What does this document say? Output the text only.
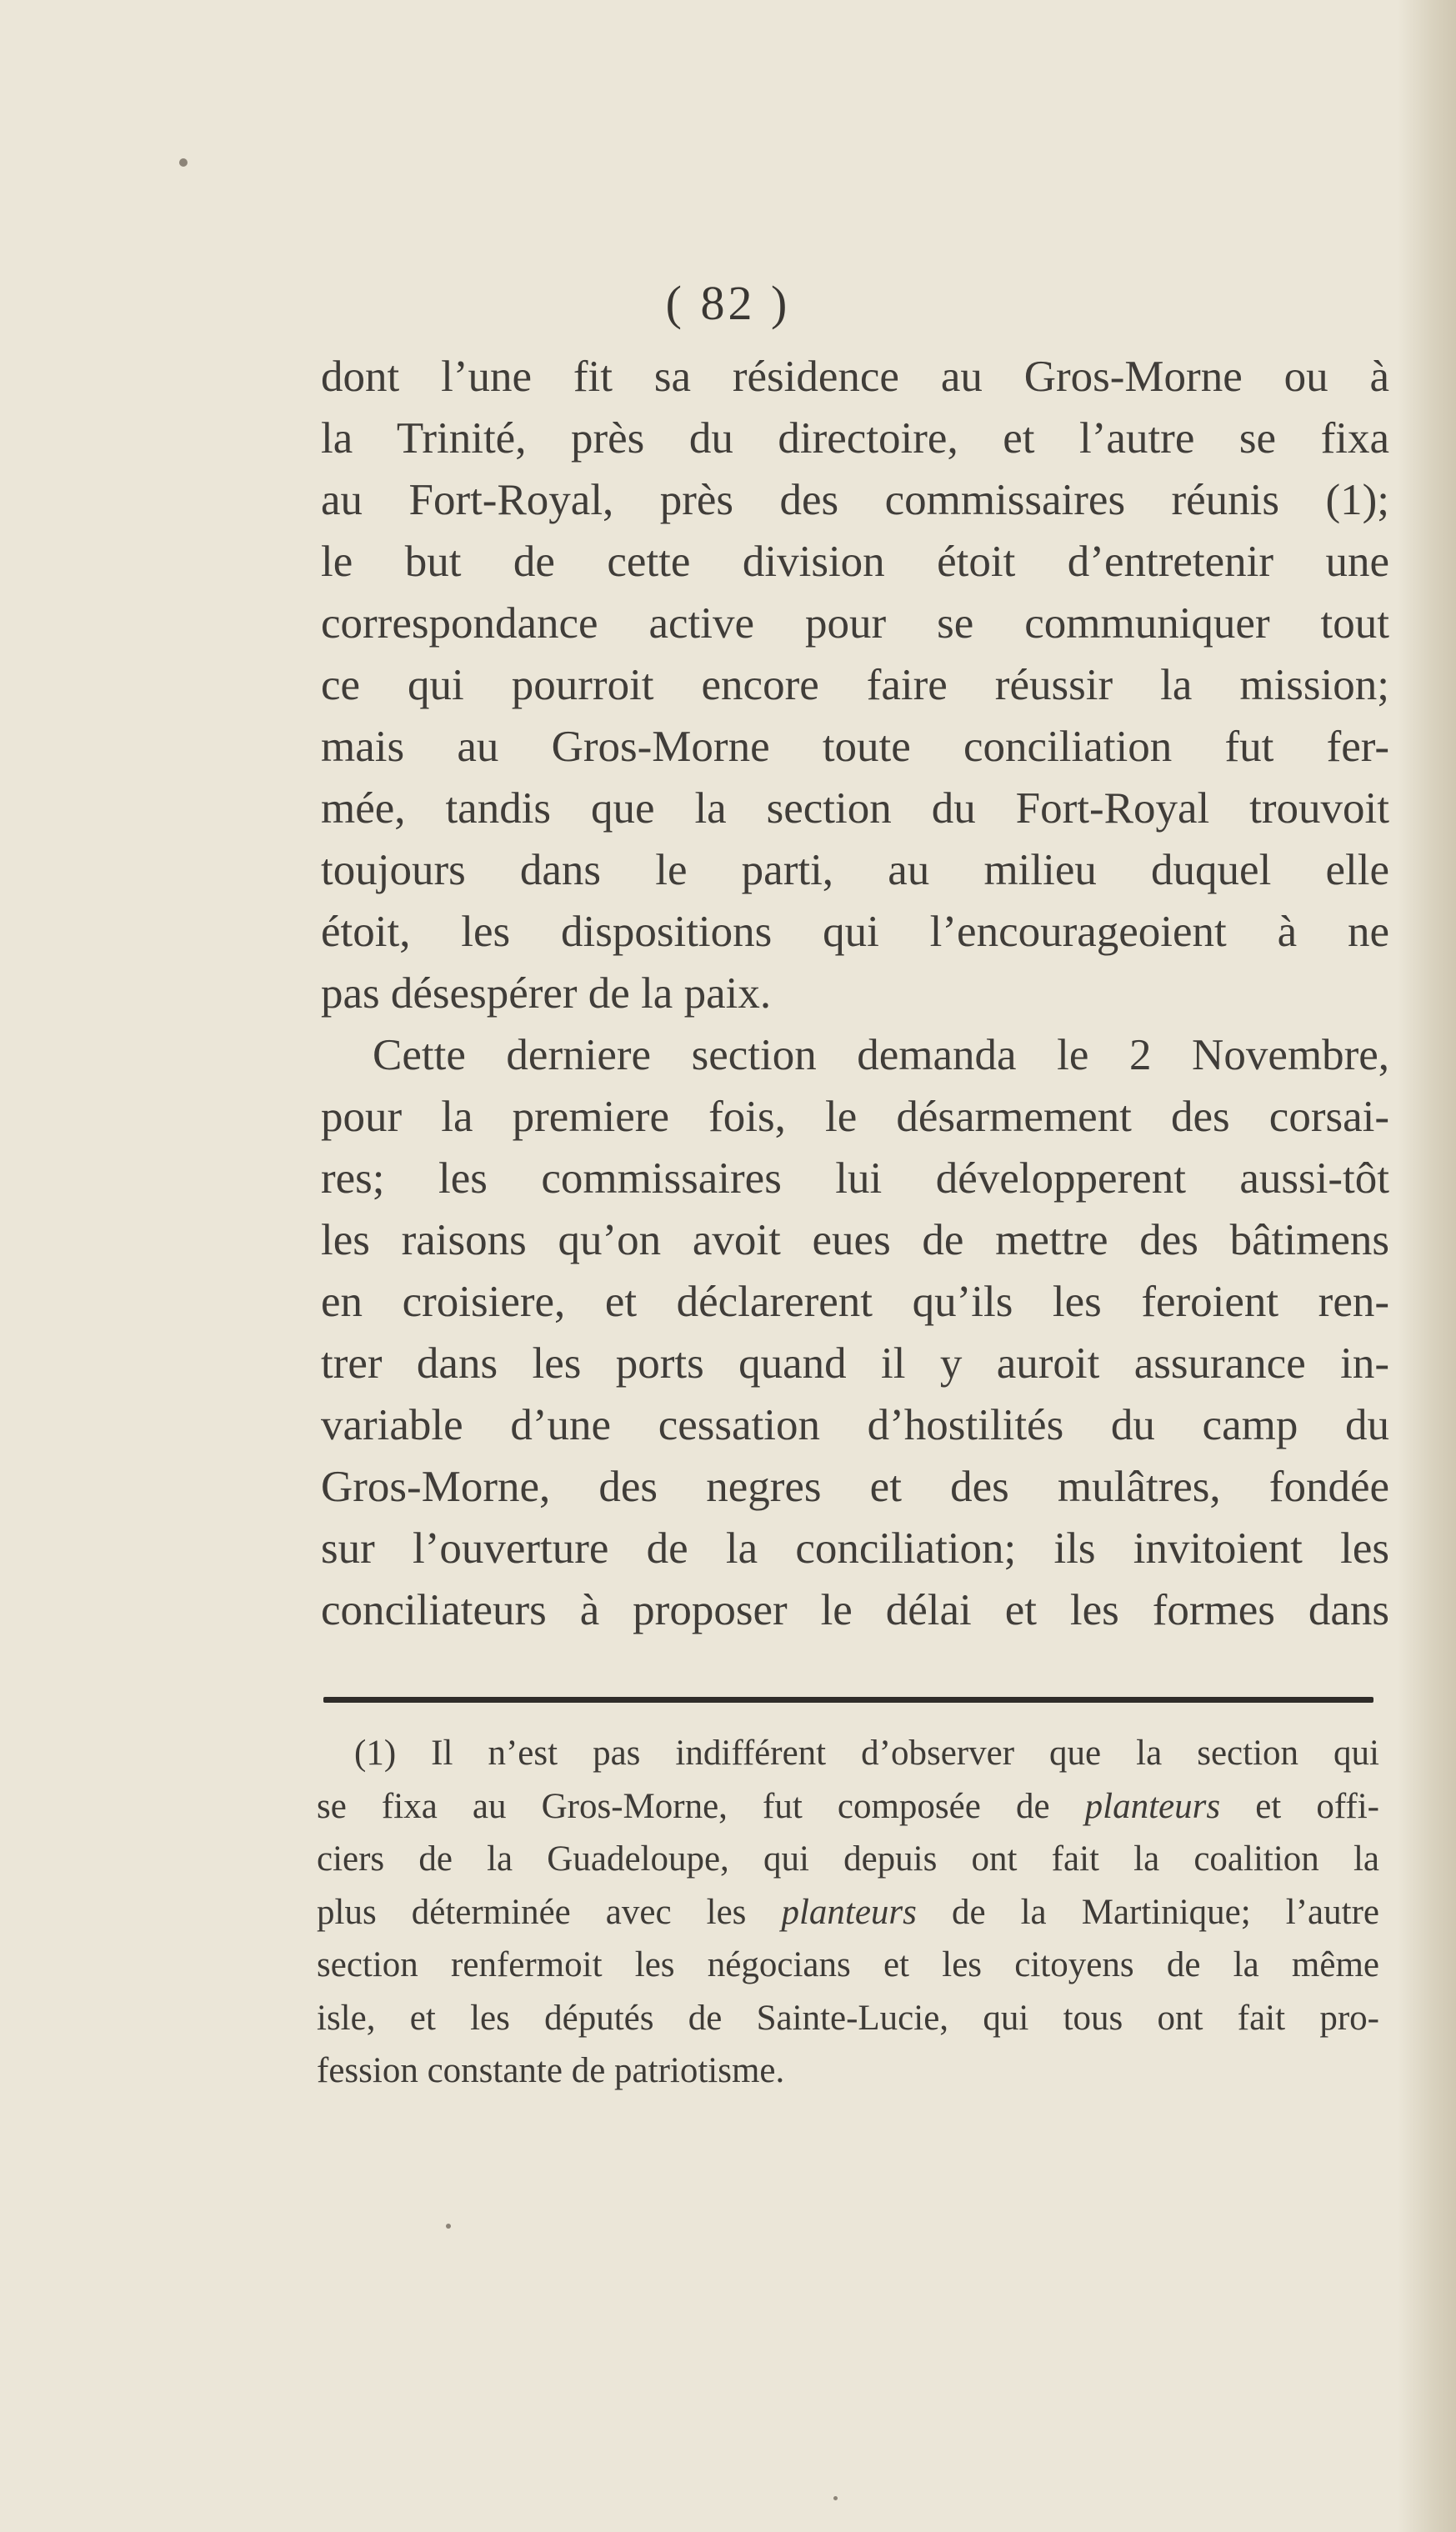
( 82 )
dont l’une fit sa résidence au Gros-Morne ou à
la Trinité, près du directoire, et l’autre se fixa
au Fort-Royal, près des commissaires réunis (1);
le but de cette division étoit d’entretenir une
correspondance active pour se communiquer tout
ce qui pourroit encore faire réussir la mission;
mais au Gros-Morne toute conciliation fut fer-
mée, tandis que la section du Fort-Royal trouvoit
toujours dans le parti, au milieu duquel elle
étoit, les dispositions qui l’encourageoient à ne
pas désespérer de la paix.
Cette derniere section demanda le 2 Novembre,
pour la premiere fois, le désarmement des corsai-
res; les commissaires lui développerent aussi-tôt
les raisons qu’on avoit eues de mettre des bâtimens
en croisiere, et déclarerent qu’ils les feroient ren-
trer dans les ports quand il y auroit assurance in-
variable d’une cessation d’hostilités du camp du
Gros-Morne, des negres et des mulâtres, fondée
sur l’ouverture de la conciliation; ils invitoient les
conciliateurs à proposer le délai et les formes dans
(1) Il n’est pas indifférent d’observer que la section qui
se fixa au Gros-Morne, fut composée de planteurs et offi-
ciers de la Guadeloupe, qui depuis ont fait la coalition la
plus déterminée avec les planteurs de la Martinique; l’autre
section renfermoit les négocians et les citoyens de la même
isle, et les députés de Sainte-Lucie, qui tous ont fait pro-
fession constante de patriotisme.
